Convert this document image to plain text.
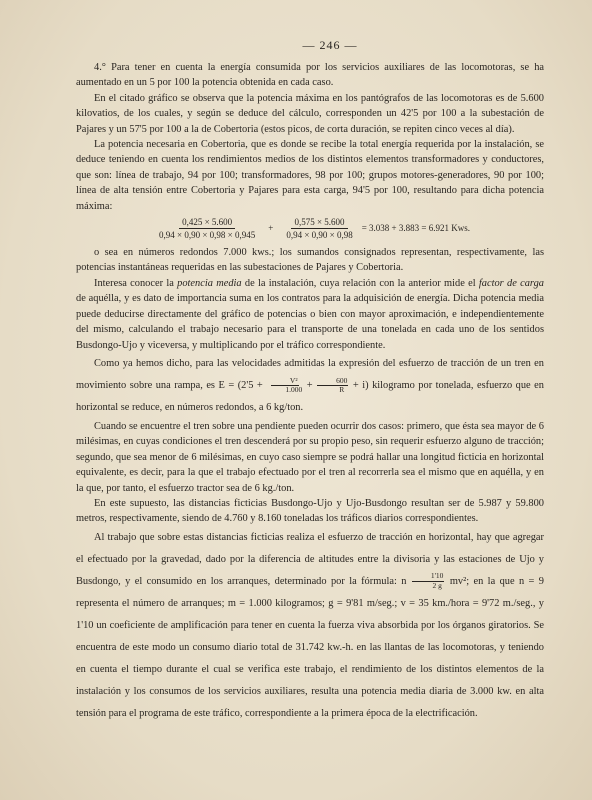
— 246 —

4.° Para tener en cuenta la energía consumida por los servicios auxiliares de las locomotoras, se ha aumentado en un 5 por 100 la potencia obtenida en cada caso.

En el citado gráfico se observa que la potencia máxima en los pantógrafos de las locomotoras es de 5.600 kilovatios, de los cuales, y según se deduce del cálculo, corresponden un 42'5 por 100 a la subestación de Pajares y un 57'5 por 100 a la de Cobertoria (estos picos, de corta duración, se repiten cinco veces al día).

La potencia necesaria en Cobertoria, que es donde se recibe la total energía requerida por la instalación, se deduce teniendo en cuenta los rendimientos medios de los distintos elementos transformadores y conductores, que son: línea de trabajo, 94 por 100; transformadores, 98 por 100; grupos motores-generadores, 90 por 100; línea de alta tensión entre Cobertoria y Pajares para esta carga, 94'5 por 100, resultando para dicha potencia máxima:

$\frac{0,425 \times 5.600}{0,94 \times 0,90 \times 0,98 \times 0,945} + \frac{0,575 \times 5.600}{0,94 \times 0,90 \times 0,98} = 3.038 + 3.883 = 6.921$ Kws.

o sea en números redondos 7.000 kws.; los sumandos consignados representan, respectivamente, las potencias instantáneas requeridas en las subestaciones de Pajares y Cobertoria.

Interesa conocer la potencia media de la instalación, cuya relación con la anterior mide el factor de carga de aquélla, y es dato de importancia suma en los contratos para la adquisición de energía. Dicha potencia media puede deducirse directamente del gráfico de potencias o bien con mayor aproximación, e independientemente del mismo, calculando el trabajo necesario para el transporte de una tonelada en cada uno de los sentidos Busdongo-Ujo y viceversa, y multiplicando por el tráfico correspondiente.

Como ya hemos dicho, para las velocidades admitidas la expresión del esfuerzo de tracción de un tren en movimiento sobre una rampa, es $E = (2'5 + \frac{\text{V²}}{1.000} + \frac{600}{R} + i)$ kilogramo por tonelada, esfuerzo que en horizontal se reduce, en números redondos, a 6 kg/ton.

Cuando se encuentre el tren sobre una pendiente pueden ocurrir dos casos: primero, que ésta sea mayor de 6 milésimas, en cuyas condiciones el tren descenderá por su propio peso, sin requerir esfuerzo alguno de tracción; segundo, que sea menor de 6 milésimas, en cuyo caso siempre se podrá hallar una longitud ficticia en horizontal equivalente, es decir, para la que el trabajo efectuado por el tren al recorrerla sea el mismo que en aquélla, y en la que, por tanto, el esfuerzo tractor sea de 6 kg./ton.

En este supuesto, las distancias ficticias Busdongo-Ujo y Ujo-Busdongo resultan ser de 5.987 y 59.800 metros, respectivamente, siendo de 4.760 y 8.160 toneladas los tráficos diarios correspondientes.

Al trabajo que sobre estas distancias ficticias realiza el esfuerzo de tracción en horizontal, hay que agregar el efectuado por la gravedad, dado por la diferencia de altitudes entre la divisoria y las estaciones de Ujo y Busdongo, y el consumido en los arranques, determinado por la fórmula: n $\frac{1'10}{2 g} mv^2$; en la que n = 9 representa el número de arranques; m = 1.000 kilogramos; g = 9'81 m/seg.; v = 35 km./hora = 9'72 m./seg., y 1'10 un coeficiente de amplificación para tener en cuenta la fuerza viva absorbida por los órganos giratorios. Se encuentra de este modo un consumo diario total de 31.742 kw.-h. en las llantas de las locomotoras, y teniendo en cuenta el tiempo durante el cual se verifica este trabajo, el rendimiento de los distintos elementos de la instalación y los consumos de los servicios auxiliares, resulta una potencia media diaria de 3.000 kw. en alta tensión para el programa de este tráfico, correspondiente a la primera época de la electrificación.
